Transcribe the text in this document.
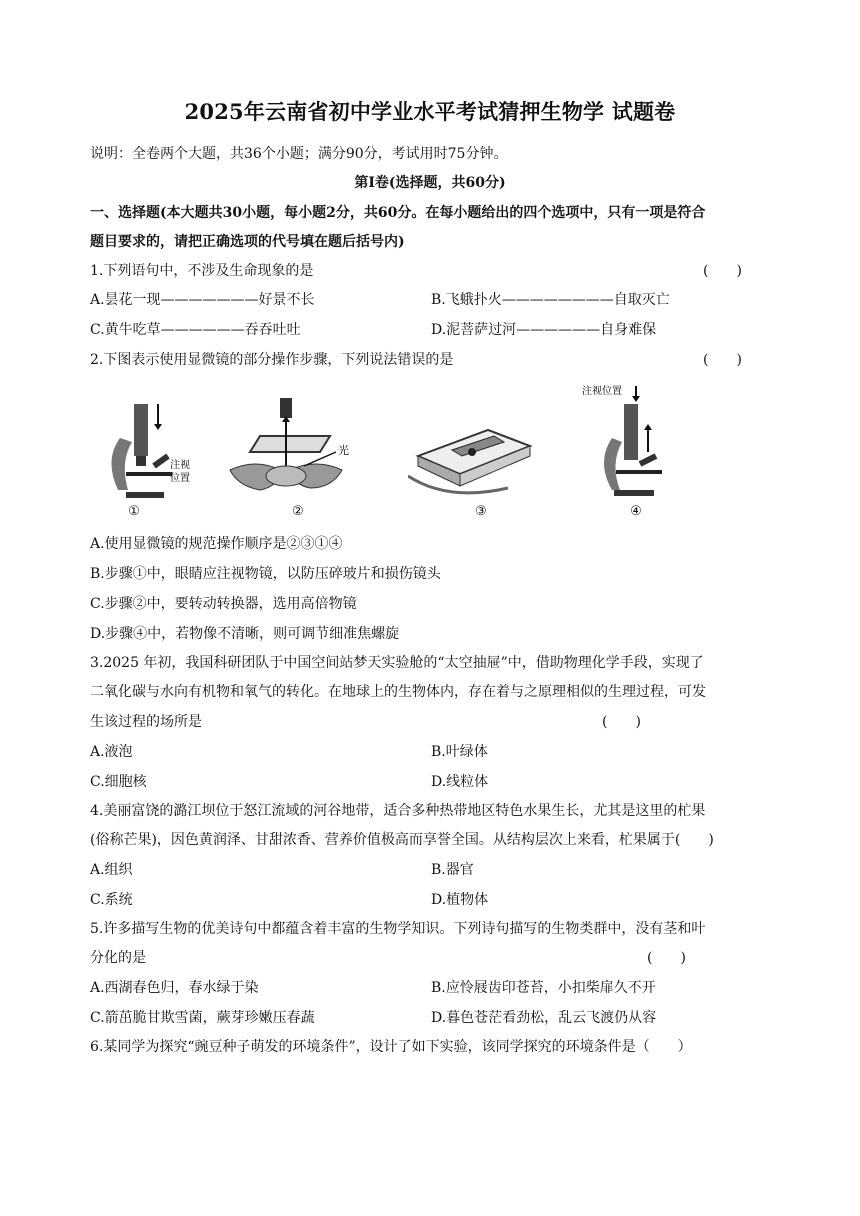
2025年云南省初中学业水平考试猜押生物学 试题卷
说明：全卷两个大题，共36个小题；满分90分，考试用时75分钟。
第Ⅰ卷(选择题，共60分)
一、选择题(本大题共30小题，每小题2分，共60分。在每小题给出的四个选项中，只有一项是符合
题目要求的，请把正确选项的代号填在题后括号内)
1.下列语句中，不涉及生命现象的是	(　　)
A.昙花一现———————好景不长	B.飞蛾扑火————————自取灭亡
C.黄牛吃草——————吞吞吐吐	D.泥菩萨过河——————自身难保
2.下图表示使用显微镜的部分操作步骤，下列说法错误的是	(　　)
注视
位置
①
光
②	③
注视位置
④
A.使用显微镜的规范操作顺序是②③①④
B.步骤①中，眼睛应注视物镜，以防压碎玻片和损伤镜头
C.步骤②中，要转动转换器，选用高倍物镜
D.步骤④中，若物像不清晰，则可调节细准焦螺旋
3.2025 年初，我国科研团队于中国空间站梦天实验舱的“太空抽屉”中，借助物理化学手段，实现了
二氧化碳与水向有机物和氧气的转化。在地球上的生物体内，存在着与之原理相似的生理过程，可发
生该过程的场所是	(　　)
A.液泡	B.叶绿体
C.细胞核	D.线粒体
4.美丽富饶的潞江坝位于怒江流域的河谷地带，适合多种热带地区特色水果生长，尤其是这里的杧果
(俗称芒果)，因色黄润泽、甘甜浓香、营养价值极高而享誉全国。从结构层次上来看，杧果属于(　　)
A.组织	B.器官
C.系统	D.植物体
5.许多描写生物的优美诗句中都蕴含着丰富的生物学知识。下列诗句描写的生物类群中，没有茎和叶
分化的是	(　　)
A.西湖春色归，春水绿于染	B.应怜屐齿印苍苔，小扣柴扉久不开
C.箭茁脆甘欺雪菌，蕨芽珍嫩压春蔬	D.暮色苍茫看劲松，乱云飞渡仍从容
6.某同学为探究“豌豆种子萌发的环境条件”，设计了如下实验，该同学探究的环境条件是（　　）
